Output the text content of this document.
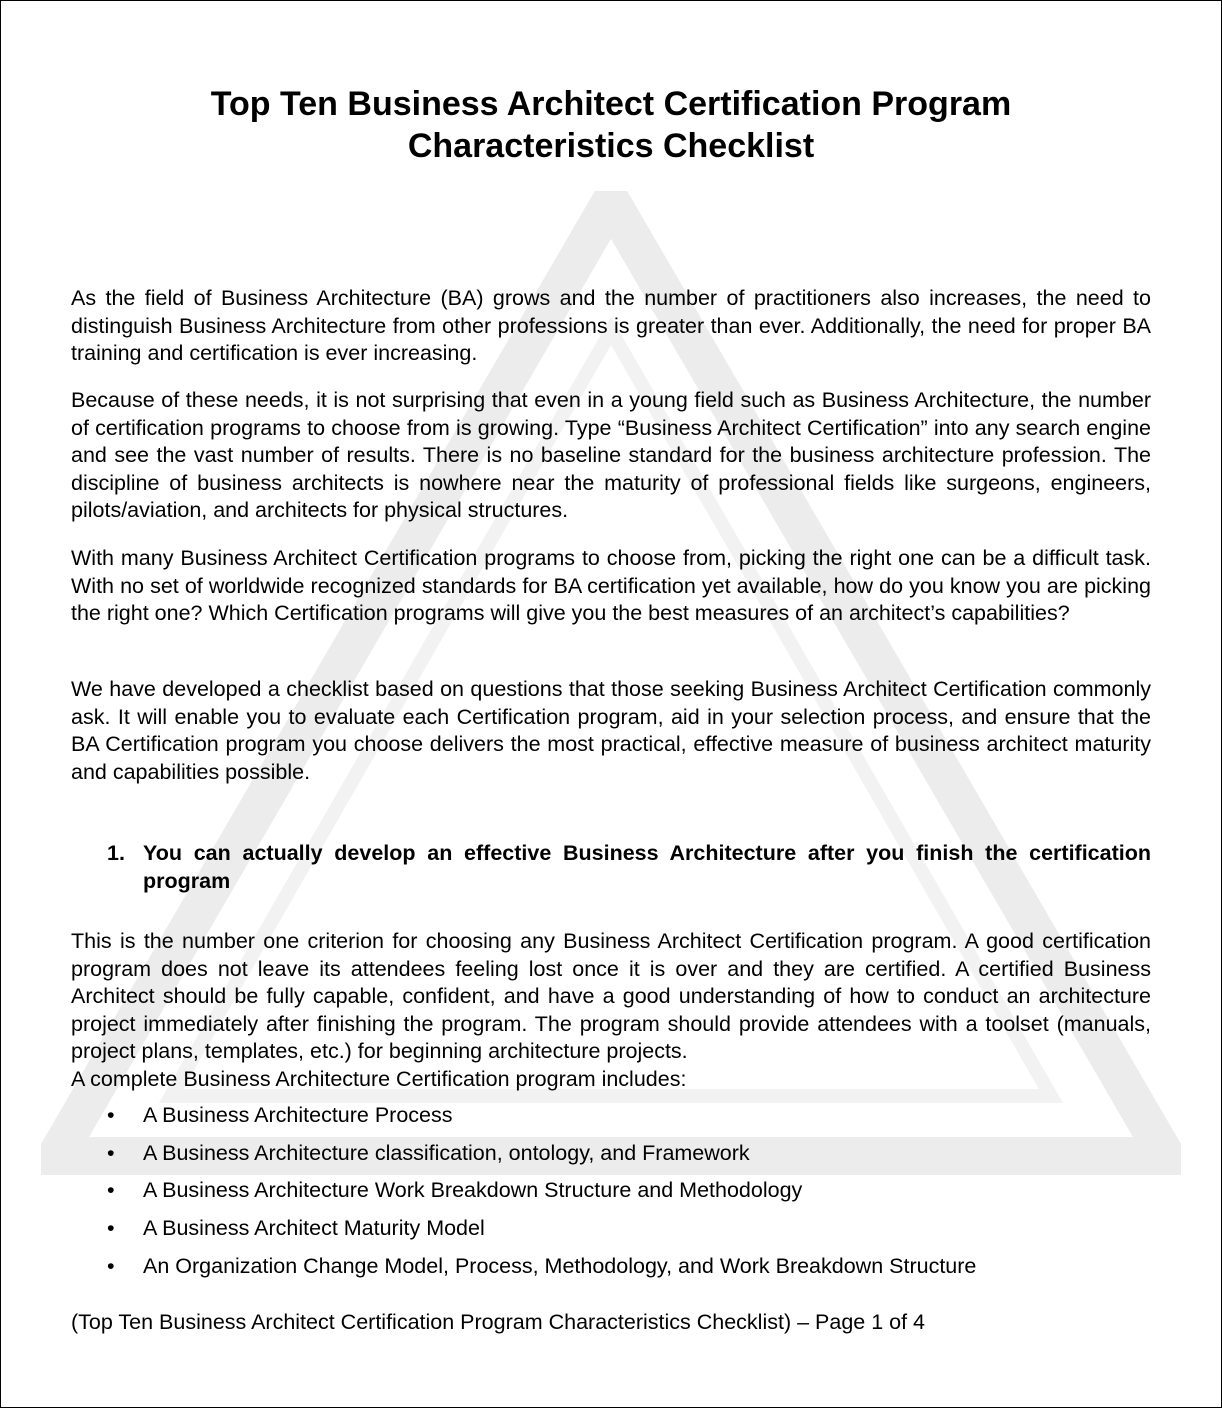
Top Ten Business Architect Certification Program
Characteristics Checklist

As the field of Business Architecture (BA) grows and the number of practitioners also increases, the need to distinguish Business Architecture from other professions is greater than ever. Additionally, the need for proper BA training and certification is ever increasing.

Because of these needs, it is not surprising that even in a young field such as Business Architecture, the number of certification programs to choose from is growing. Type “Business Architect Certification” into any search engine and see the vast number of results. There is no baseline standard for the business architecture profession. The discipline of business architects is nowhere near the maturity of professional fields like surgeons, engineers, pilots/aviation, and architects for physical structures.

With many Business Architect Certification programs to choose from, picking the right one can be a difficult task. With no set of worldwide recognized standards for BA certification yet available, how do you know you are picking the right one? Which Certification programs will give you the best measures of an architect’s capabilities?

We have developed a checklist based on questions that those seeking Business Architect Certification commonly ask. It will enable you to evaluate each Certification program, aid in your selection process, and ensure that the BA Certification program you choose delivers the most practical, effective measure of business architect maturity and capabilities possible.

1. You can actually develop an effective Business Architecture after you finish the certification program

This is the number one criterion for choosing any Business Architect Certification program. A good certification program does not leave its attendees feeling lost once it is over and they are certified. A certified Business Architect should be fully capable, confident, and have a good understanding of how to conduct an architecture project immediately after finishing the program. The program should provide attendees with a toolset (manuals, project plans, templates, etc.) for beginning architecture projects.

A complete Business Architecture Certification program includes:

•	A Business Architecture Process
•	A Business Architecture classification, ontology, and Framework
•	A Business Architecture Work Breakdown Structure and Methodology
•	A Business Architect Maturity Model
•	An Organization Change Model, Process, Methodology, and Work Breakdown Structure
(Top Ten Business Architect Certification Program Characteristics Checklist) – Page 1 of 4
